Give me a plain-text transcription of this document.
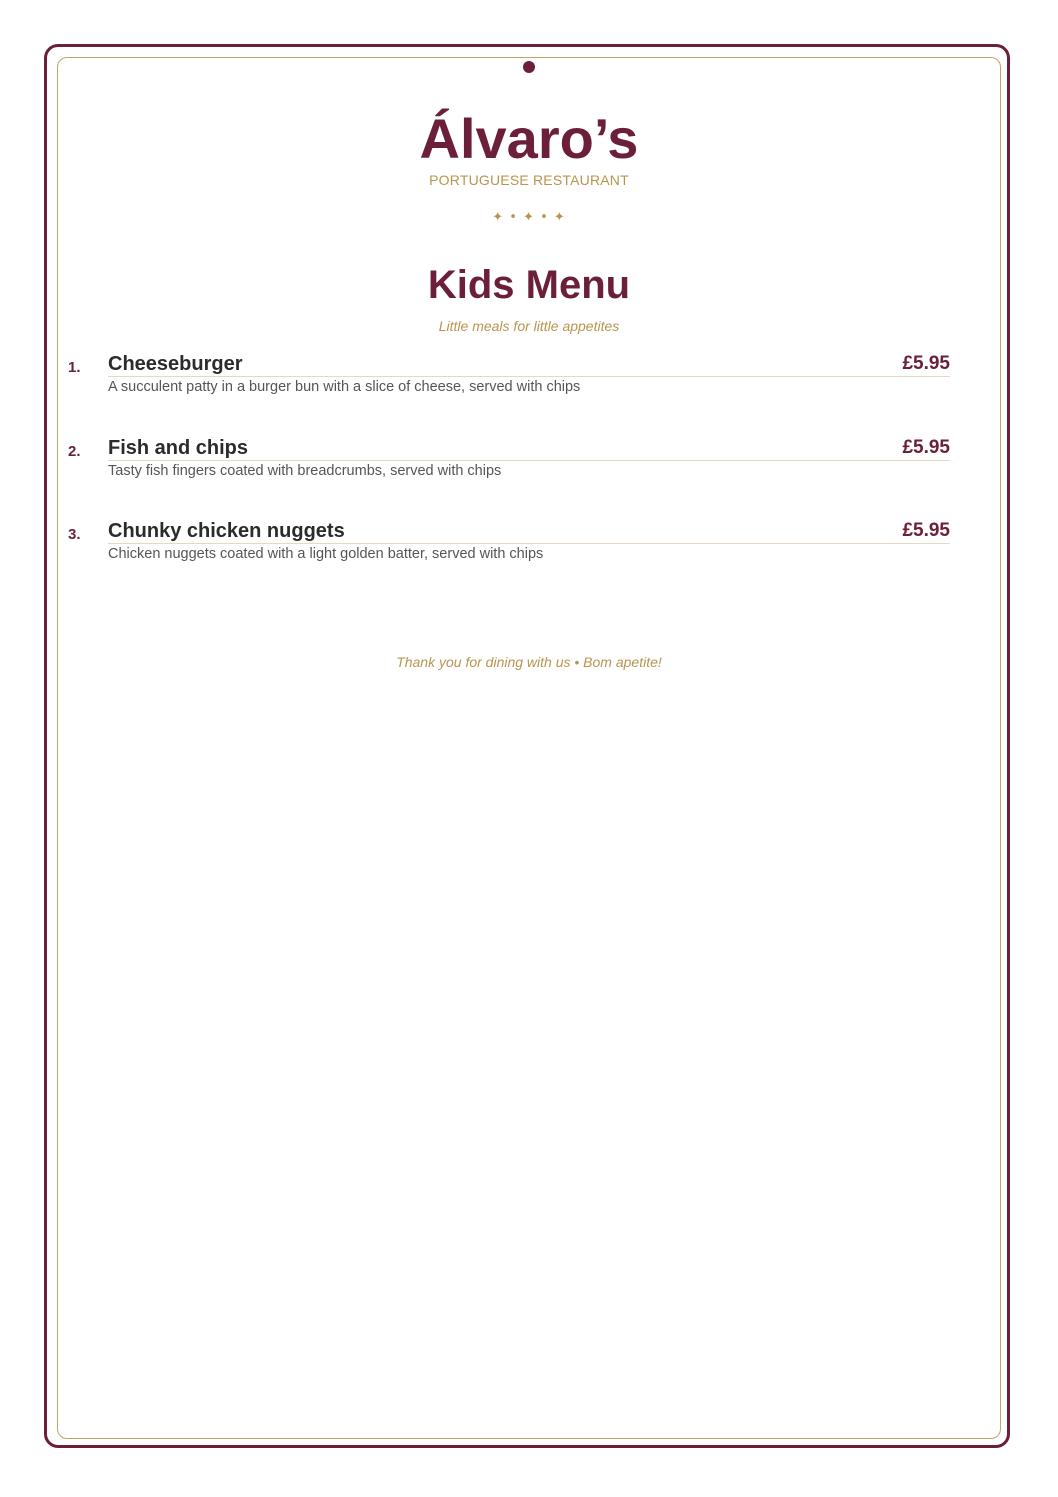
Álvaro’s
PORTUGUESE RESTAURANT
✦ • ✦ • ✦
Kids Menu
Little meals for little appetites
1. Cheeseburger	£5.95
A succulent patty in a burger bun with a slice of cheese, served with chips
2. Fish and chips	£5.95
Tasty fish fingers coated with breadcrumbs, served with chips
3. Chunky chicken nuggets	£5.95
Chicken nuggets coated with a light golden batter, served with chips
Thank you for dining with us • Bom apetite!
